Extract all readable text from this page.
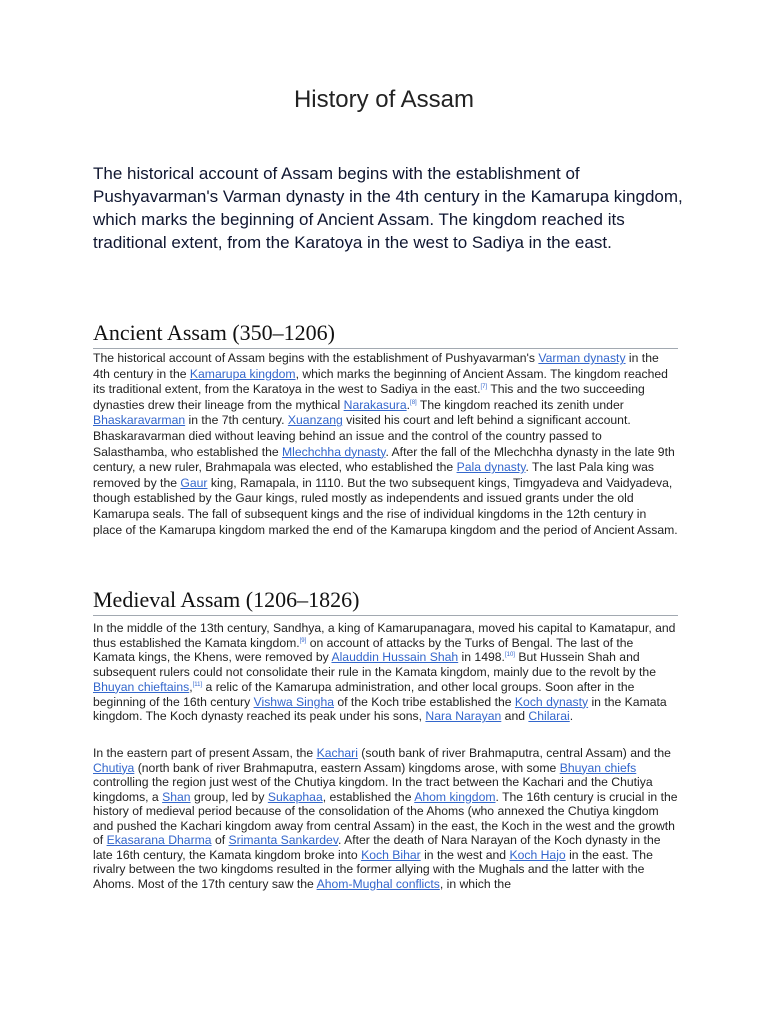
History of Assam

The historical account of Assam begins with the establishment of Pushyavarman's Varman dynasty in the 4th century in the Kamarupa kingdom, which marks the beginning of Ancient Assam. The kingdom reached its traditional extent, from the Karatoya in the west to Sadiya in the east.

Ancient Assam (350–1206)

The historical account of Assam begins with the establishment of Pushyavarman's Varman dynasty in the 4th century in the Kamarupa kingdom, which marks the beginning of Ancient Assam. The kingdom reached its traditional extent, from the Karatoya in the west to Sadiya in the east.[7] This and the two succeeding dynasties drew their lineage from the mythical Narakasura.[8] The kingdom reached its zenith under Bhaskaravarman in the 7th century. Xuanzang visited his court and left behind a significant account. Bhaskaravarman died without leaving behind an issue and the control of the country passed to Salasthamba, who established the Mlechchha dynasty. After the fall of the Mlechchha dynasty in the late 9th century, a new ruler, Brahmapala was elected, who established the Pala dynasty. The last Pala king was removed by the Gaur king, Ramapala, in 1110. But the two subsequent kings, Timgyadeva and Vaidyadeva, though established by the Gaur kings, ruled mostly as independents and issued grants under the old Kamarupa seals. The fall of subsequent kings and the rise of individual kingdoms in the 12th century in place of the Kamarupa kingdom marked the end of the Kamarupa kingdom and the period of Ancient Assam.

Medieval Assam (1206–1826)

In the middle of the 13th century, Sandhya, a king of Kamarupanagara, moved his capital to Kamatapur, and thus established the Kamata kingdom.[9] on account of attacks by the Turks of Bengal. The last of the Kamata kings, the Khens, were removed by Alauddin Hussain Shah in 1498.[10] But Hussein Shah and subsequent rulers could not consolidate their rule in the Kamata kingdom, mainly due to the revolt by the Bhuyan chieftains,[11] a relic of the Kamarupa administration, and other local groups. Soon after in the beginning of the 16th century Vishwa Singha of the Koch tribe established the Koch dynasty in the Kamata kingdom. The Koch dynasty reached its peak under his sons, Nara Narayan and Chilarai.

In the eastern part of present Assam, the Kachari (south bank of river Brahmaputra, central Assam) and the Chutiya (north bank of river Brahmaputra, eastern Assam) kingdoms arose, with some Bhuyan chiefs controlling the region just west of the Chutiya kingdom. In the tract between the Kachari and the Chutiya kingdoms, a Shan group, led by Sukaphaa, established the Ahom kingdom. The 16th century is crucial in the history of medieval period because of the consolidation of the Ahoms (who annexed the Chutiya kingdom and pushed the Kachari kingdom away from central Assam) in the east, the Koch in the west and the growth of Ekasarana Dharma of Srimanta Sankardev. After the death of Nara Narayan of the Koch dynasty in the late 16th century, the Kamata kingdom broke into Koch Bihar in the west and Koch Hajo in the east. The rivalry between the two kingdoms resulted in the former allying with the Mughals and the latter with the Ahoms. Most of the 17th century saw the Ahom-Mughal conflicts, in which the
